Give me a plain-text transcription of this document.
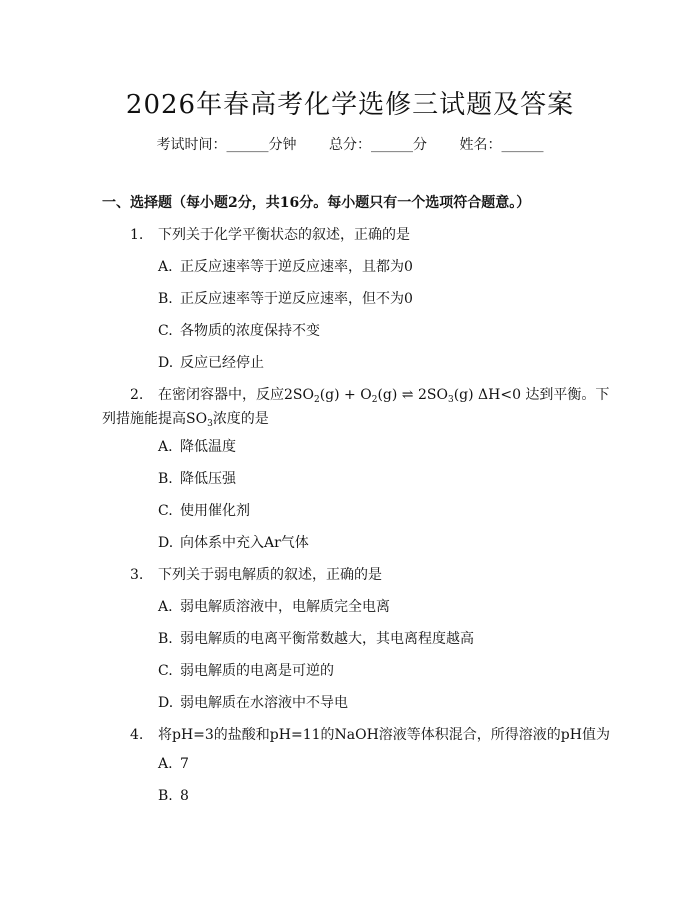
2026年春高考化学选修三试题及答案
考试时间：______分钟 总分：______分 姓名：______
一、选择题（每小题2分，共16分。每小题只有一个选项符合题意。）
1. 下列关于化学平衡状态的叙述，正确的是
A. 正反应速率等于逆反应速率，且都为0
B. 正反应速率等于逆反应速率，但不为0
C. 各物质的浓度保持不变
D. 反应已经停止
2. 在密闭容器中，反应$2SO_2(g) + O_2(g)$ ⇌ $2SO_3(g)$ ΔH<0 达到平衡。下
列措施能提高$SO_3$浓度的是
A. 降低温度
B. 降低压强
C. 使用催化剂
D. 向体系中充入Ar气体
3. 下列关于弱电解质的叙述，正确的是
A. 弱电解质溶液中，电解质完全电离
B. 弱电解质的电离平衡常数越大，其电离程度越高
C. 弱电解质的电离是可逆的
D. 弱电解质在水溶液中不导电
4. 将pH=3的盐酸和pH=11的NaOH溶液等体积混合，所得溶液的pH值为
A. 7
B. 8
